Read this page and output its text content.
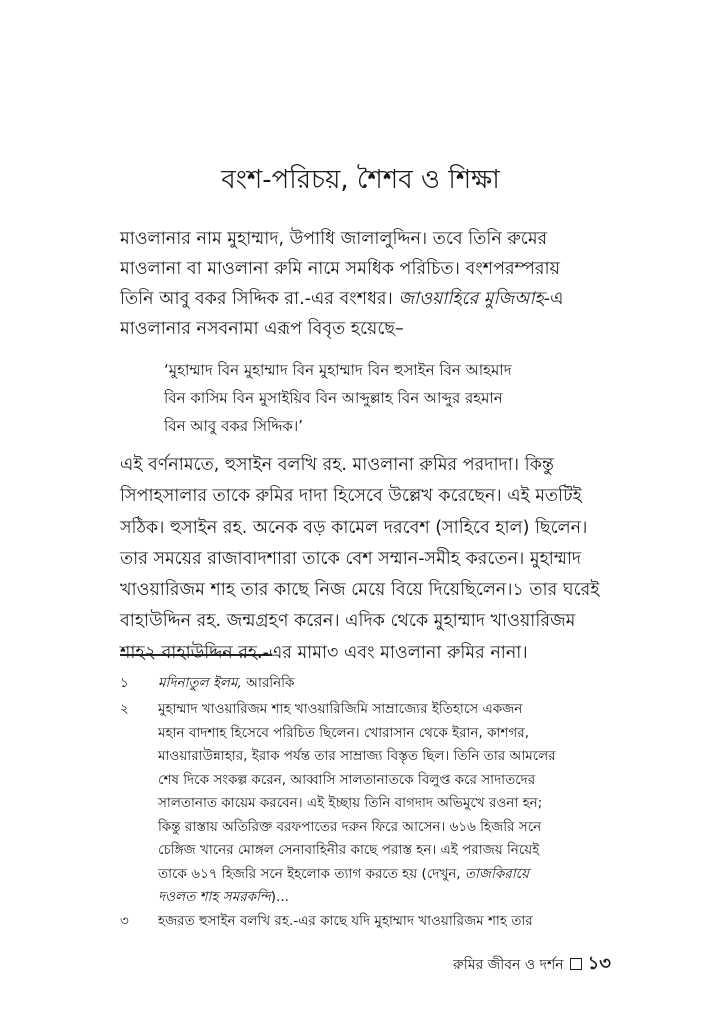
বংশ-পরিচয়, শৈশব ও শিক্ষা
মাওলানার নাম মুহাম্মাদ, উপাধি জালালুদ্দিন। তবে তিনি রুমের
মাওলানা বা মাওলানা রুমি নামে সমধিক পরিচিত। বংশপরম্পরায়
তিনি আবু বকর সিদ্দিক রা.-এর বংশধর। জাওয়াহিরে মুজিআহ-এ
মাওলানার নসবনামা এরূপ বিবৃত হয়েছে–
‘মুহাম্মাদ বিন মুহাম্মাদ বিন মুহাম্মাদ বিন হুসাইন বিন আহমাদ
বিন কাসিম বিন মুসাইয়িব বিন আব্দুল্লাহ বিন আব্দুর রহমান
বিন আবু বকর সিদ্দিক।’
এই বর্ণনামতে, হুসাইন বলখি রহ. মাওলানা রুমির পরদাদা। কিন্তু
সিপাহসালার তাকে রুমির দাদা হিসেবে উল্লেখ করেছেন। এই মতটিই
সঠিক। হুসাইন রহ. অনেক বড় কামেল দরবেশ (সাহিবে হাল) ছিলেন।
তার সময়ের রাজাবাদশারা তাকে বেশ সম্মান-সমীহ করতেন। মুহাম্মাদ
খাওয়ারিজম শাহ তার কাছে নিজ মেয়ে বিয়ে দিয়েছিলেন।১ তার ঘরেই
বাহাউদ্দিন রহ. জন্মগ্রহণ করেন। এদিক থেকে মুহাম্মাদ খাওয়ারিজম
শাহ২ বাহাউদ্দিন রহ.-এর মামা৩ এবং মাওলানা রুমির নানা।
১	মদিনাতুল ইলম, আরনিকি
২	মুহাম্মাদ খাওয়ারিজম শাহ খাওয়ারিজিমি সাম্রাজ্যের ইতিহাসে একজন
মহান বাদশাহ হিসেবে পরিচিত ছিলেন। খোরাসান থেকে ইরান, কাশগর,
মাওয়ারাউন্নাহার, ইরাক পর্যন্ত তার সাম্রাজ্য বিস্তৃত ছিল। তিনি তার আমলের
শেষ দিকে সংকল্প করেন, আব্বাসি সালতানাতকে বিলুপ্ত করে সাদাতদের
সালতানাত কায়েম করবেন। এই ইচ্ছায় তিনি বাগদাদ অভিমুখে রওনা হন;
কিন্তু রাস্তায় অতিরিক্ত বরফপাতের দরুন ফিরে আসেন। ৬১৬ হিজরি সনে
চেঙ্গিজ খানের মোঙ্গল সেনাবাহিনীর কাছে পরাস্ত হন। এই পরাজয় নিয়েই
তাকে ৬১৭ হিজরি সনে ইহলোক ত্যাগ করতে হয় (দেখুন, তাজকিরায়ে
দওলত শাহ সমরকন্দি)...
৩	হজরত হুসাইন বলখি রহ.-এর কাছে যদি মুহাম্মাদ খাওয়ারিজম শাহ তার
রুমির জীবন ও দর্শন ১৩
